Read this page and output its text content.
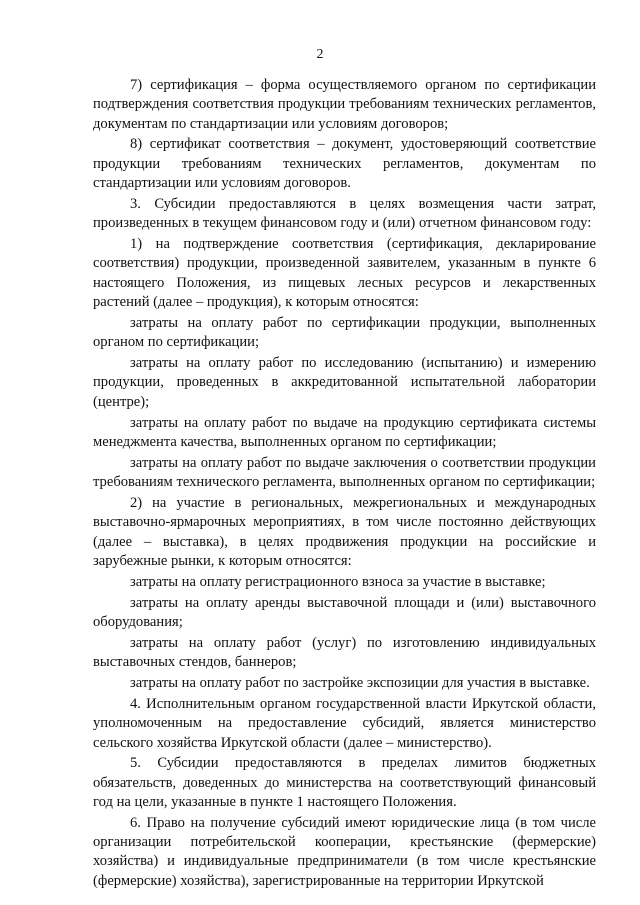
2

7) сертификация – форма осуществляемого органом по сертификации подтверждения соответствия продукции требованиям технических регламентов, документам по стандартизации или условиям договоров;

8) сертификат соответствия – документ, удостоверяющий соответствие продукции требованиям технических регламентов, документам по стандартизации или условиям договоров.

3. Субсидии предоставляются в целях возмещения части затрат, произведенных в текущем финансовом году и (или) отчетном финансовом году:

1) на подтверждение соответствия (сертификация, декларирование соответствия) продукции, произведенной заявителем, указанным в пункте 6 настоящего Положения, из пищевых лесных ресурсов и лекарственных растений (далее – продукция), к которым относятся:

затраты на оплату работ по сертификации продукции, выполненных органом по сертификации;

затраты на оплату работ по исследованию (испытанию) и измерению продукции, проведенных в аккредитованной испытательной лаборатории (центре);

затраты на оплату работ по выдаче на продукцию сертификата системы менеджмента качества, выполненных органом по сертификации;

затраты на оплату работ по выдаче заключения о соответствии продукции требованиям технического регламента, выполненных органом по сертификации;

2) на участие в региональных, межрегиональных и международных выставочно-ярмарочных мероприятиях, в том числе постоянно действующих (далее – выставка), в целях продвижения продукции на российские и зарубежные рынки, к которым относятся:

затраты на оплату регистрационного взноса за участие в выставке;

затраты на оплату аренды выставочной площади и (или) выставочного оборудования;

затраты на оплату работ (услуг) по изготовлению индивидуальных выставочных стендов, баннеров;

затраты на оплату работ по застройке экспозиции для участия в выставке.

4. Исполнительным органом государственной власти Иркутской области, уполномоченным на предоставление субсидий, является министерство сельского хозяйства Иркутской области (далее – министерство).

5. Субсидии предоставляются в пределах лимитов бюджетных обязательств, доведенных до министерства на соответствующий финансовый год на цели, указанные в пункте 1 настоящего Положения.

6. Право на получение субсидий имеют юридические лица (в том числе организации потребительской кооперации, крестьянские (фермерские) хозяйства) и индивидуальные предприниматели (в том числе крестьянские (фермерские) хозяйства), зарегистрированные на территории Иркутской
